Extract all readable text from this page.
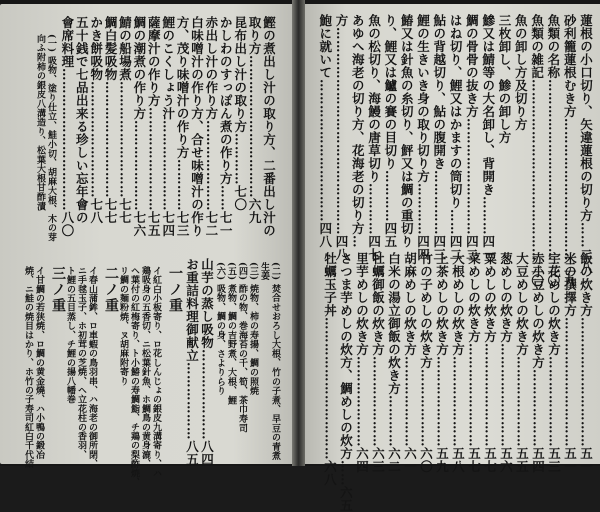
鰹の煮出し汁の取り方、二番出し汁の
取り方……………………………六九
昆布出し汁の取り方…………七〇
かしわのすっぽん煮の作り方……七一
赤出し汁の作り方…………………七二
白味噌汁の作り方、合せ味噌汁の作り
方、茂り味噌汁の作り方…………七三
鯉のこくしょう汁…………………七四
薩摩汁の作り方……………………七五
鯛の潮煮の作り方…………………七六
鯖の船場煮………………………七七
鯛白髪吸物………………………七七
かき餅吸物………………………七八
五十銭で七品出来る珍しい忘年會の
會席料理……………………………八〇
(一) 吸物、塗り仕立、鮭小切、胡麻大根、木の芽
向ふ附柿の銀皮八溝造り、松葉大根甘酢漬
(二) 焚合せおろし大根、竹の子煮、早豆の青煮
生姜
(三) 焼物、柿の寿揚、鯛の照焼
(四) 酢の物、巻海苔の千、筍、茶巾寿司
(五) 煮物、鯛の吉野煮、大根、鯉
(六) 吸物、鯛の身、さよりらり
山芋の蒸し吸物…………………八四
お重詰料理御献立………………八五
一ノ重
イ紅白小板寄り、ロ花しんじょの銀皮九溝寄り、ハ
鶏吸身の五香切、ニ松葉針魚、ホ鯛鳥の黄身漉、
ヘ葉付の紅梅寄り、ト小鰆の寿鯛鮨、チ鶏の梨酢焼、
リ鯛の麺粉焼、ヌ胡麻附寄り
二ノ重
イ春山蒲鉾、ロ車蝦の鳥羽串、ハ海老の御所閉、
ニ手毬玉子、ホ初茸の芝焼、ヘ立花柱の香羽、
ト鯉の五目蒸し、チ鯉の揚八幡巻
三ノ重
イ甘鯛の若狭焼、ロ鯛の黄金燒、ハ小鴨の鍛冶
焼、ニ鮭の焼目はかり、ホ竹の子寿司紅白千代結
蓮根の小口切り、矢違蓮根の切り方……二八
砂利籠蓮根むき方……………………………二九
魚類の名称……………………………………三〇
魚類の雑記……………………………………三〇
魚の卸し方及切り方
三枚卸し、鯵の卸し方
鰺又は鯖等の大名卸し、背開き………四一
鯛の骨骨の抜き方………………………四二
はね切り、鯉又はかますの筒切り……四二
鮎の背越切り、鮎の腹開き……………四三
鯉の生きいき身の取り切り方…………四四
鰆又は針魚の糸切り、鮃又は鯛の重切り
り、鯉又は鱸の賽の目切り…………四五
魚の松切り、海鰻の唐草切り…………四七
あゆへ海老の切り方、花海老の切り方…
方…………………………………………四八
鮑に就いて……………………………四八
飯の炊き方…………………………五一
米の撰擇方…………………………五一
宇花めしの炊き方…………………五三
赤小豆めしの炊き方………………五四
大豆めしの炊き方…………………五五
葱めしの炊き方……………………五六
粟めしの炊き方……………………五七
菜めしの炊き方……………………五七
大根めしの炊き方…………………五八
上茶めしの炊き方…………………五九
竹の子めしの炊き方………………六〇
胡麻めしの炊き方…………………六一
白米の湯立御飯の炊き方…………六二
牡蠣御飯の炊き方…………………六三
里芋めしの炊き方…………………六四
さつま芋めしの炊方、鯛めしの炊方……六五
牡蠣玉子丼……………………………六八
